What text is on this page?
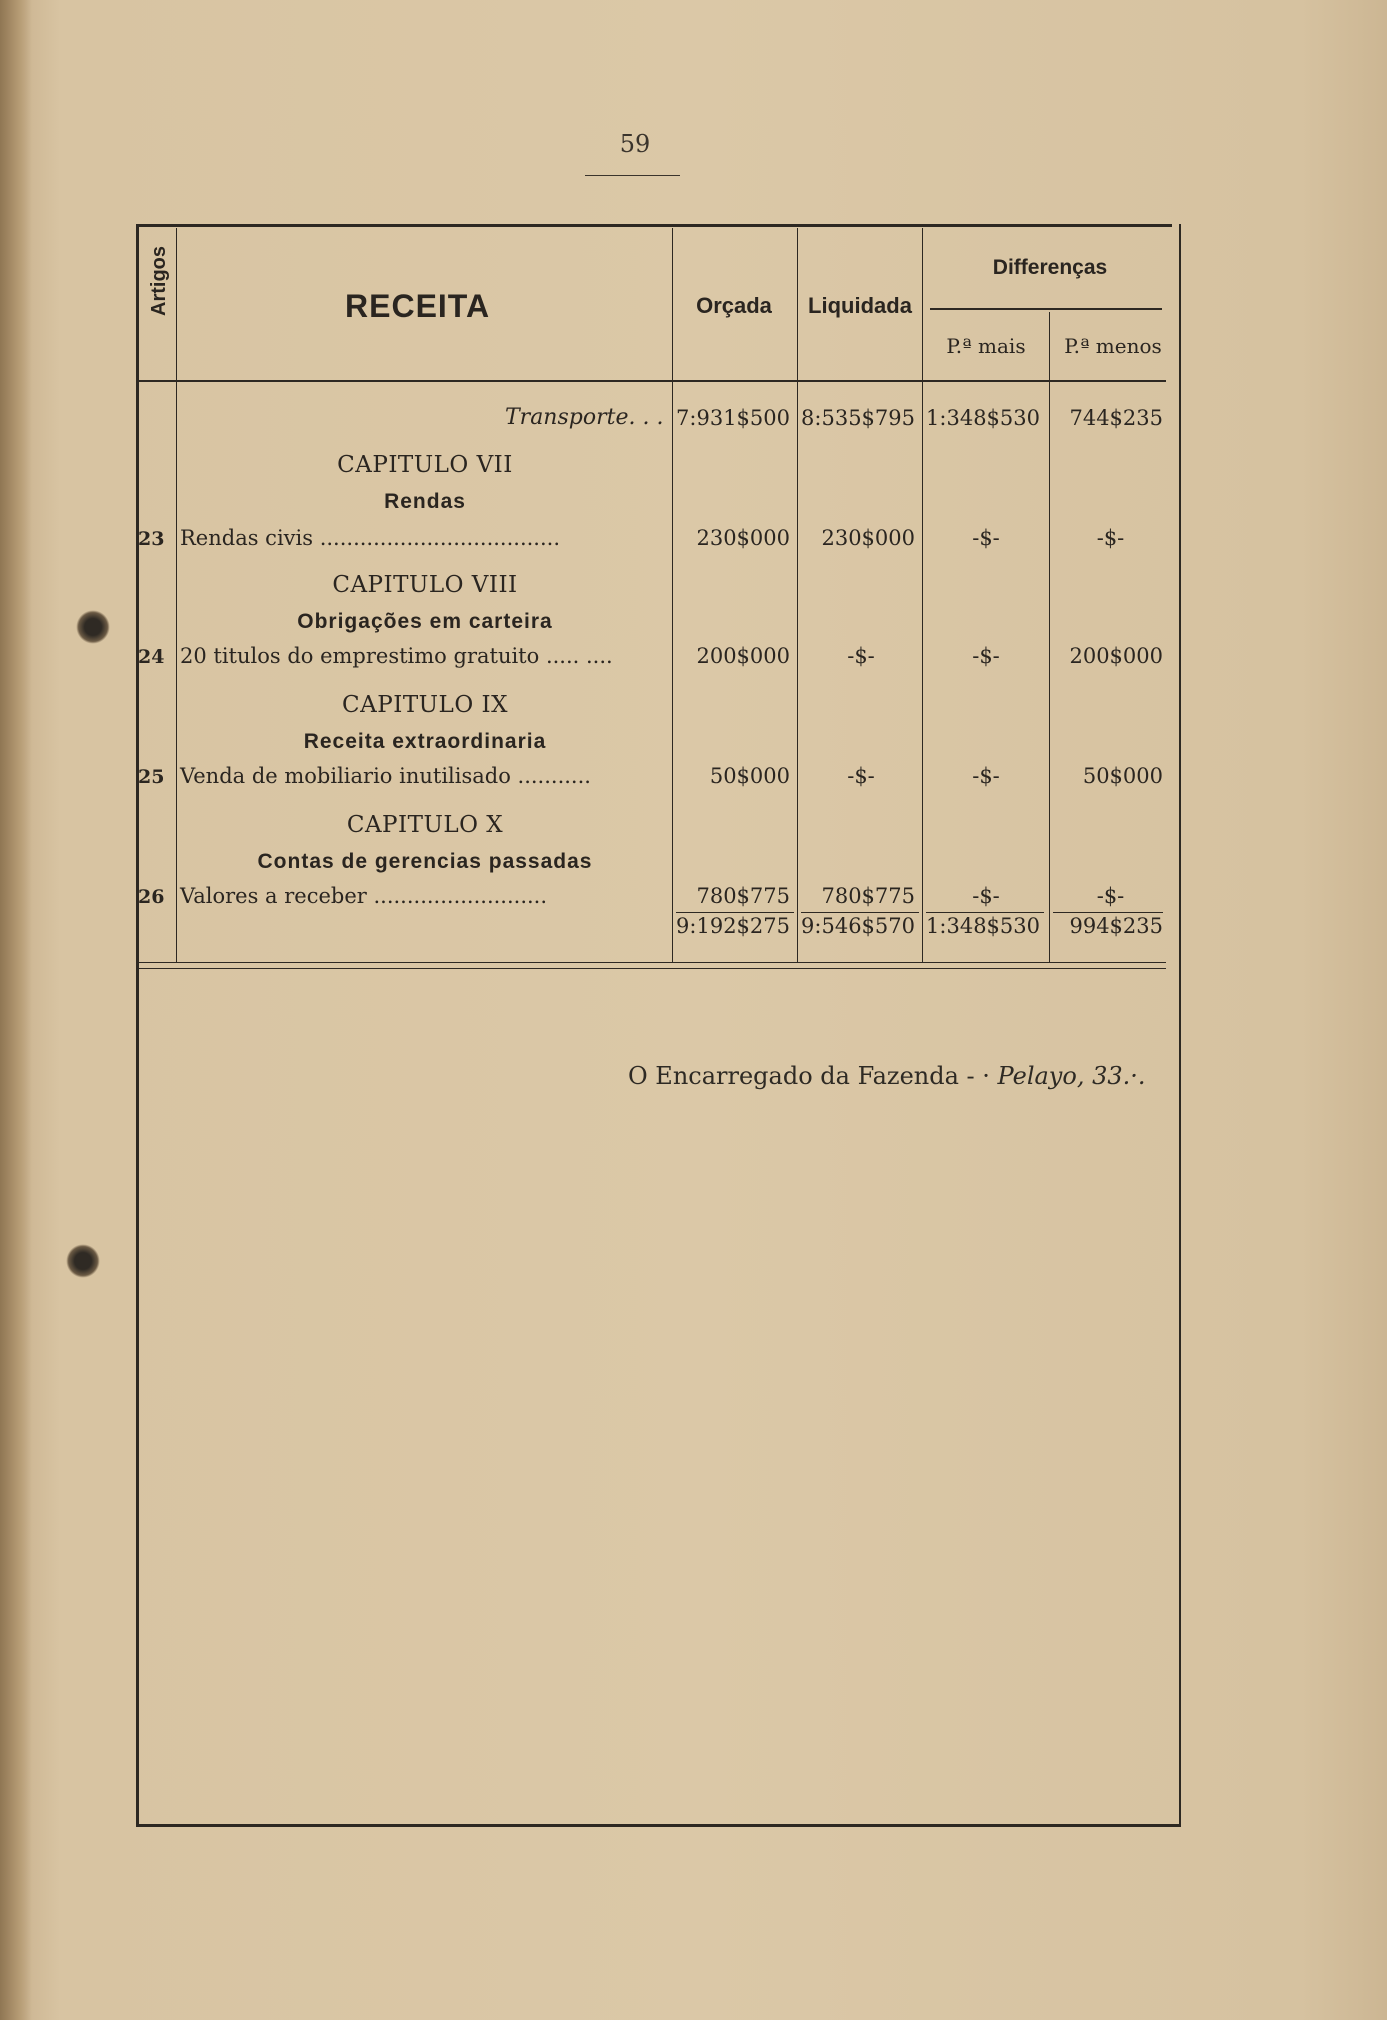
59
Artigos	RECEITA	Orçada	Liquidada
Differenças
P.ª mais	P.ª menos
Transporte. . . 7:931$500 8:535$795 1:348$530	744$235
CAPITULO VII
Rendas
23 Rendas civis ....................................	230$000	230$000	-$-	-$-
CAPITULO VIII
Obrigações em carteira
24 20 titulos do emprestimo gratuito ..... ....	200$000	-$-	-$-	200$000
CAPITULO IX
Receita extraordinaria
25 Venda de mobiliario inutilisado ...........	50$000	-$-	-$-	50$000
CAPITULO X
Contas de gerencias passadas
26 Valores a receber ..........................	780$775	780$775	-$-	-$-
9:192$275 9:546$570 1:348$530	994$235
O Encarregado da Fazenda - · Pelayo, 33.·.
